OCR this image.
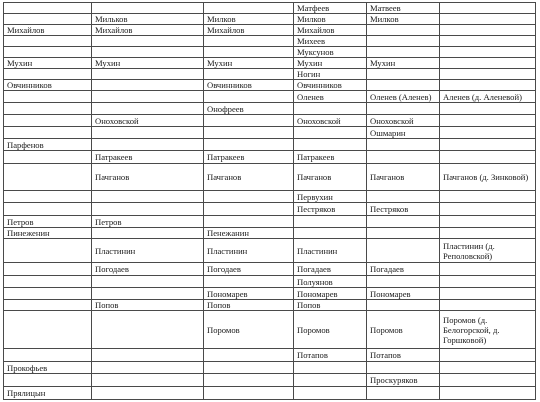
			Матфеев	Матвеев	
	Мильков	Милков	Милков	Милков	
Михайлов	Михайлов	Михайлов	Михайлов		
			Михеев		
			Муксунов		
Мухин	Мухин	Мухин	Мухин	Мухин	
			Ногин		
Овчинников		Овчинников	Овчинников		
			Оленев	Оленев (Аленев)	Аленев (д. Аленевой)
		Онофреев			
	Оноховской		Оноховской	Оноховской	
				Ошмарин	
Парфенов					
	Патракеев	Патракеев	Патракеев		
	Пачганов	Пачганов	Пачганов	Пачганов	Пачганов (д. Зинковой)
			Первухин		
			Пестряков	Пестряков	
Петров	Петров				
Пинеженин		Пенежанин			
	Пластинин	Пластинин	Пластинин		Пластинин (д. Реполовской)
	Погодаев	Погодаев	Погадаев	Погадаев	
			Полуянов		
		Пономарев	Пономарев	Пономарев	
	Попов	Попов	Попов		
		Поромов	Поромов	Поромов	Поромов (д. Белогорской, д. Горшковой)
			Потапов	Потапов	
Прокофьев					
				Проскуряков	
Прялицын					
